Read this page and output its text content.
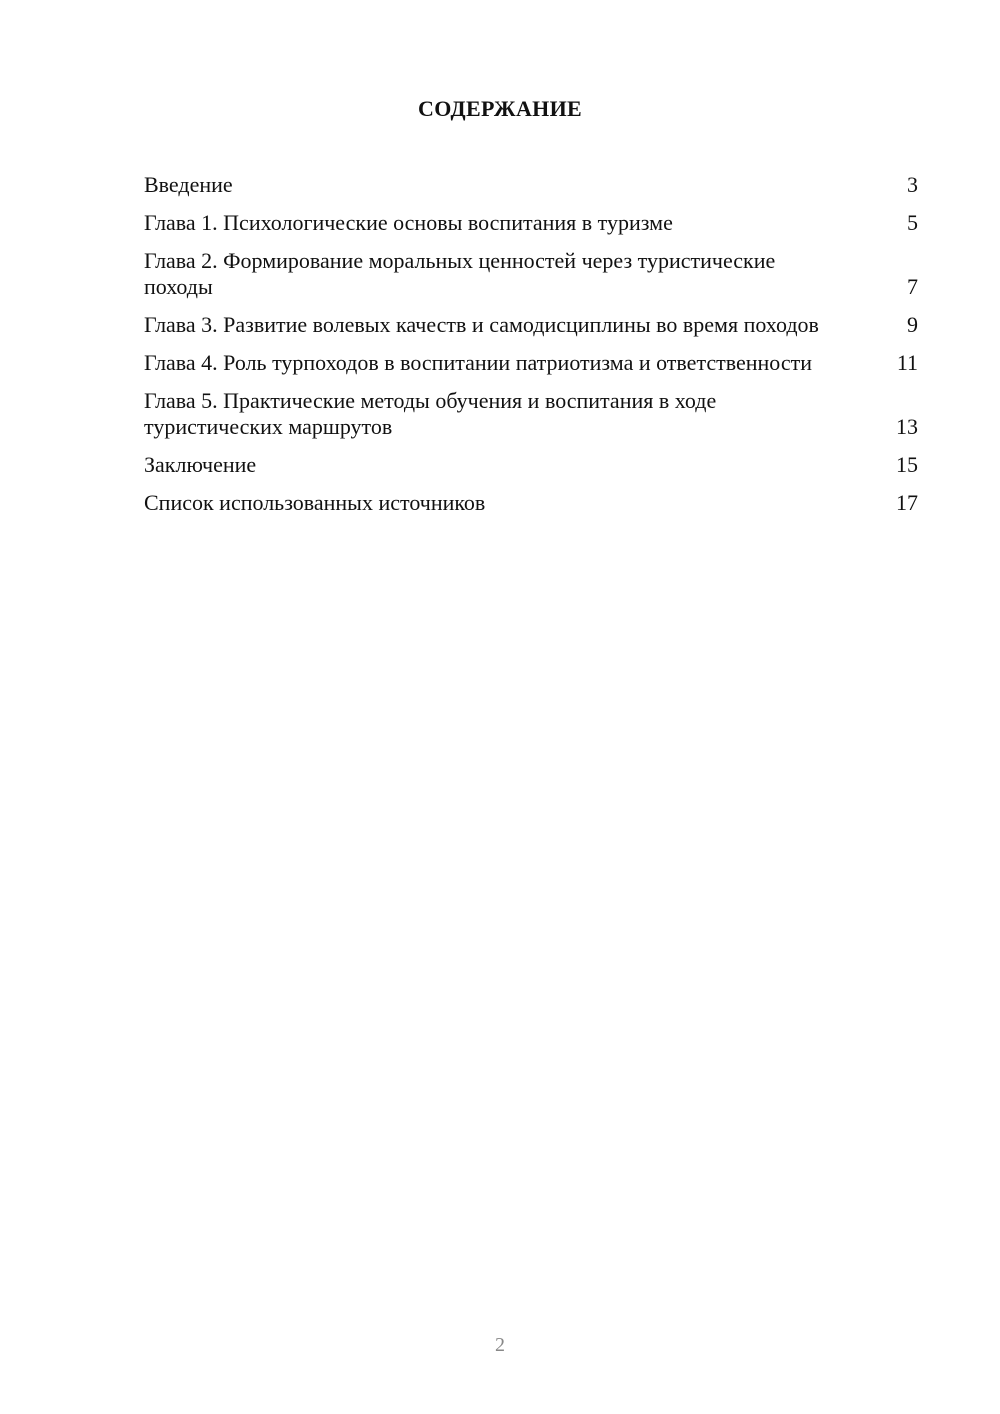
СОДЕРЖАНИЕ
Введение	3
Глава 1. Психологические основы воспитания в туризме	5
Глава 2. Формирование моральных ценностей через туристические походы	7
Глава 3. Развитие волевых качеств и самодисциплины во время походов	9
Глава 4. Роль турпоходов в воспитании патриотизма и ответственности	11
Глава 5. Практические методы обучения и воспитания в ходе туристических маршрутов	13
Заключение	15
Список использованных источников	17
2
